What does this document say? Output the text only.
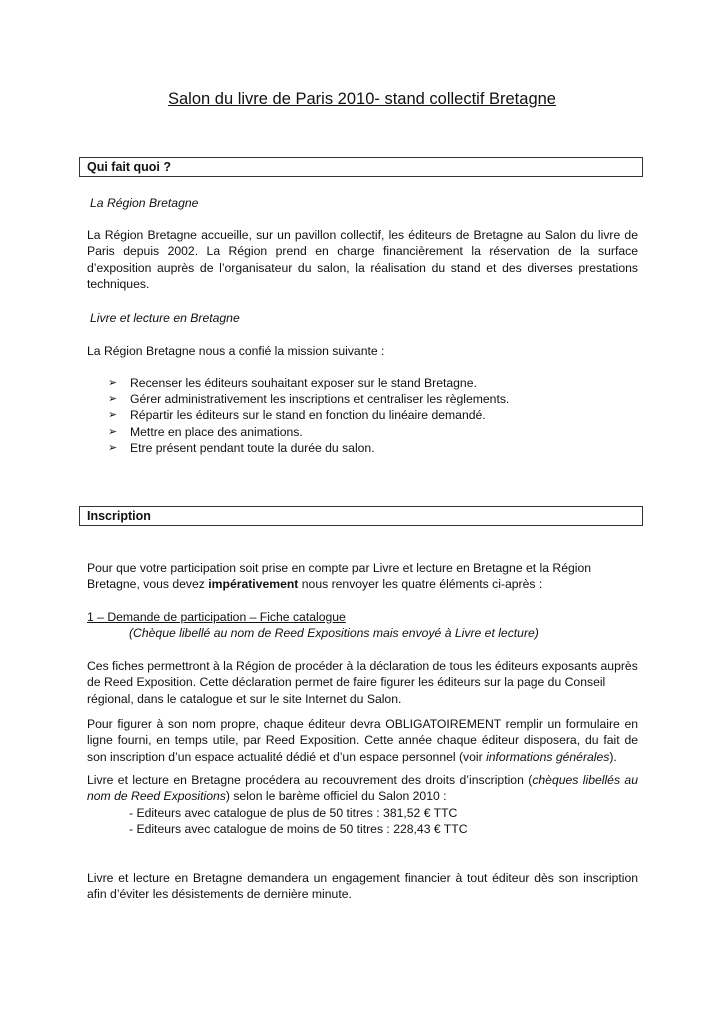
Salon du livre de Paris 2010- stand collectif Bretagne
Qui fait quoi ?
La Région Bretagne
La Région Bretagne accueille, sur un pavillon collectif, les éditeurs de Bretagne au Salon du livre de Paris depuis 2002. La Région prend en charge financièrement la réservation de la surface d’exposition auprès de l’organisateur du salon, la réalisation du stand et des diverses prestations techniques.
Livre et lecture en Bretagne
La Région Bretagne nous a confié la mission suivante :
➢ Recenser les éditeurs souhaitant exposer sur le stand Bretagne.
➢ Gérer administrativement les inscriptions et centraliser les règlements.
➢ Répartir les éditeurs sur le stand en fonction du linéaire demandé.
➢ Mettre en place des animations.
➢ Etre présent pendant toute la durée du salon.
Inscription
Pour que votre participation soit prise en compte par Livre et lecture en Bretagne et la Région Bretagne, vous devez impérativement nous renvoyer les quatre éléments ci-après :
1 – Demande de participation – Fiche catalogue
(Chèque libellé au nom de Reed Expositions mais envoyé à Livre et lecture)
Ces fiches permettront à la Région de procéder à la déclaration de tous les éditeurs exposants auprès de Reed Exposition. Cette déclaration permet de faire figurer les éditeurs sur la page du Conseil régional, dans le catalogue et sur le site Internet du Salon.
Pour figurer à son nom propre, chaque éditeur devra OBLIGATOIREMENT remplir un formulaire en ligne fourni, en temps utile, par Reed Exposition. Cette année chaque éditeur disposera, du fait de son inscription d’un espace actualité dédié et d’un espace personnel (voir informations générales).
Livre et lecture en Bretagne procédera au recouvrement des droits d’inscription (chèques libellés au nom de Reed Expositions) selon le barème officiel du Salon 2010 :
- Editeurs avec catalogue de plus de 50 titres : 381,52 € TTC
- Editeurs avec catalogue de moins de 50 titres : 228,43 € TTC
Livre et lecture en Bretagne demandera un engagement financier à tout éditeur dès son inscription afin d’éviter les désistements de dernière minute.
